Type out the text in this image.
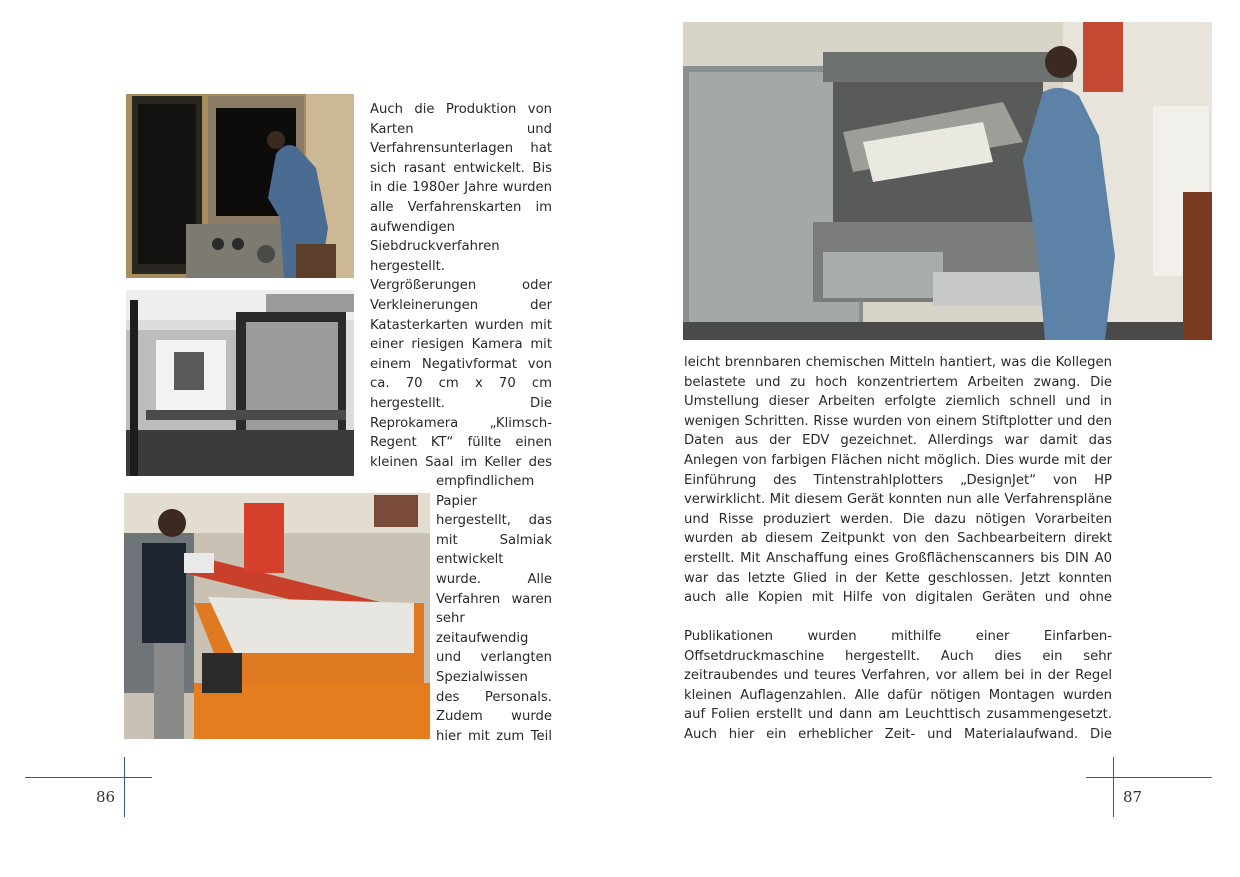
Auch die Produktion von Karten und Verfahrensunterlagen hat sich rasant entwickelt. Bis in die 1980er Jahre wurden alle Verfahrenskarten im aufwendigen Siebdruckverfahren hergestellt. Vergrößerungen oder Verkleinerungen der Katasterkarten wurden mit einer riesigen Kamera mit einem Negativformat von ca. 70 cm x 70 cm hergestellt. Die Reprokamera „Klimsch-Regent KT“ füllte einen kleinen Saal im Keller des
empfindlichem Papier hergestellt, das mit Salmiak entwickelt wurde. Alle Verfahren waren sehr zeitaufwendig und verlangten Spezialwissen des Personals. Zudem wurde hier mit zum Teil
leicht brennbaren chemischen Mitteln hantiert, was die Kollegen belastete und zu hoch konzentriertem Arbeiten zwang. Die Umstellung dieser Arbeiten erfolgte ziemlich schnell und in wenigen Schritten. Risse wurden von einem Stiftplotter und den Daten aus der EDV gezeichnet. Allerdings war damit das Anlegen von farbigen Flächen nicht möglich. Dies wurde mit der Einführung des Tintenstrahlplotters „DesignJet“ von HP verwirklicht. Mit diesem Gerät konnten nun alle Verfahrenspläne und Risse produziert werden. Die dazu nötigen Vorarbeiten wurden ab diesem Zeitpunkt von den Sachbearbeitern direkt erstellt. Mit Anschaffung eines Großflächenscanners bis DIN A0 war das letzte Glied in der Kette geschlossen. Jetzt konnten auch alle Kopien mit Hilfe von digitalen Geräten und ohne
Publikationen wurden mithilfe einer Einfarben-Offsetdruckmaschine hergestellt. Auch dies ein sehr zeitraubendes und teures Verfahren, vor allem bei in der Regel kleinen Auflagenzahlen. Alle dafür nötigen Montagen wurden auf Folien erstellt und dann am Leuchttisch zusammengesetzt. Auch hier ein erheblicher Zeit- und Materialaufwand. Die
86	87
